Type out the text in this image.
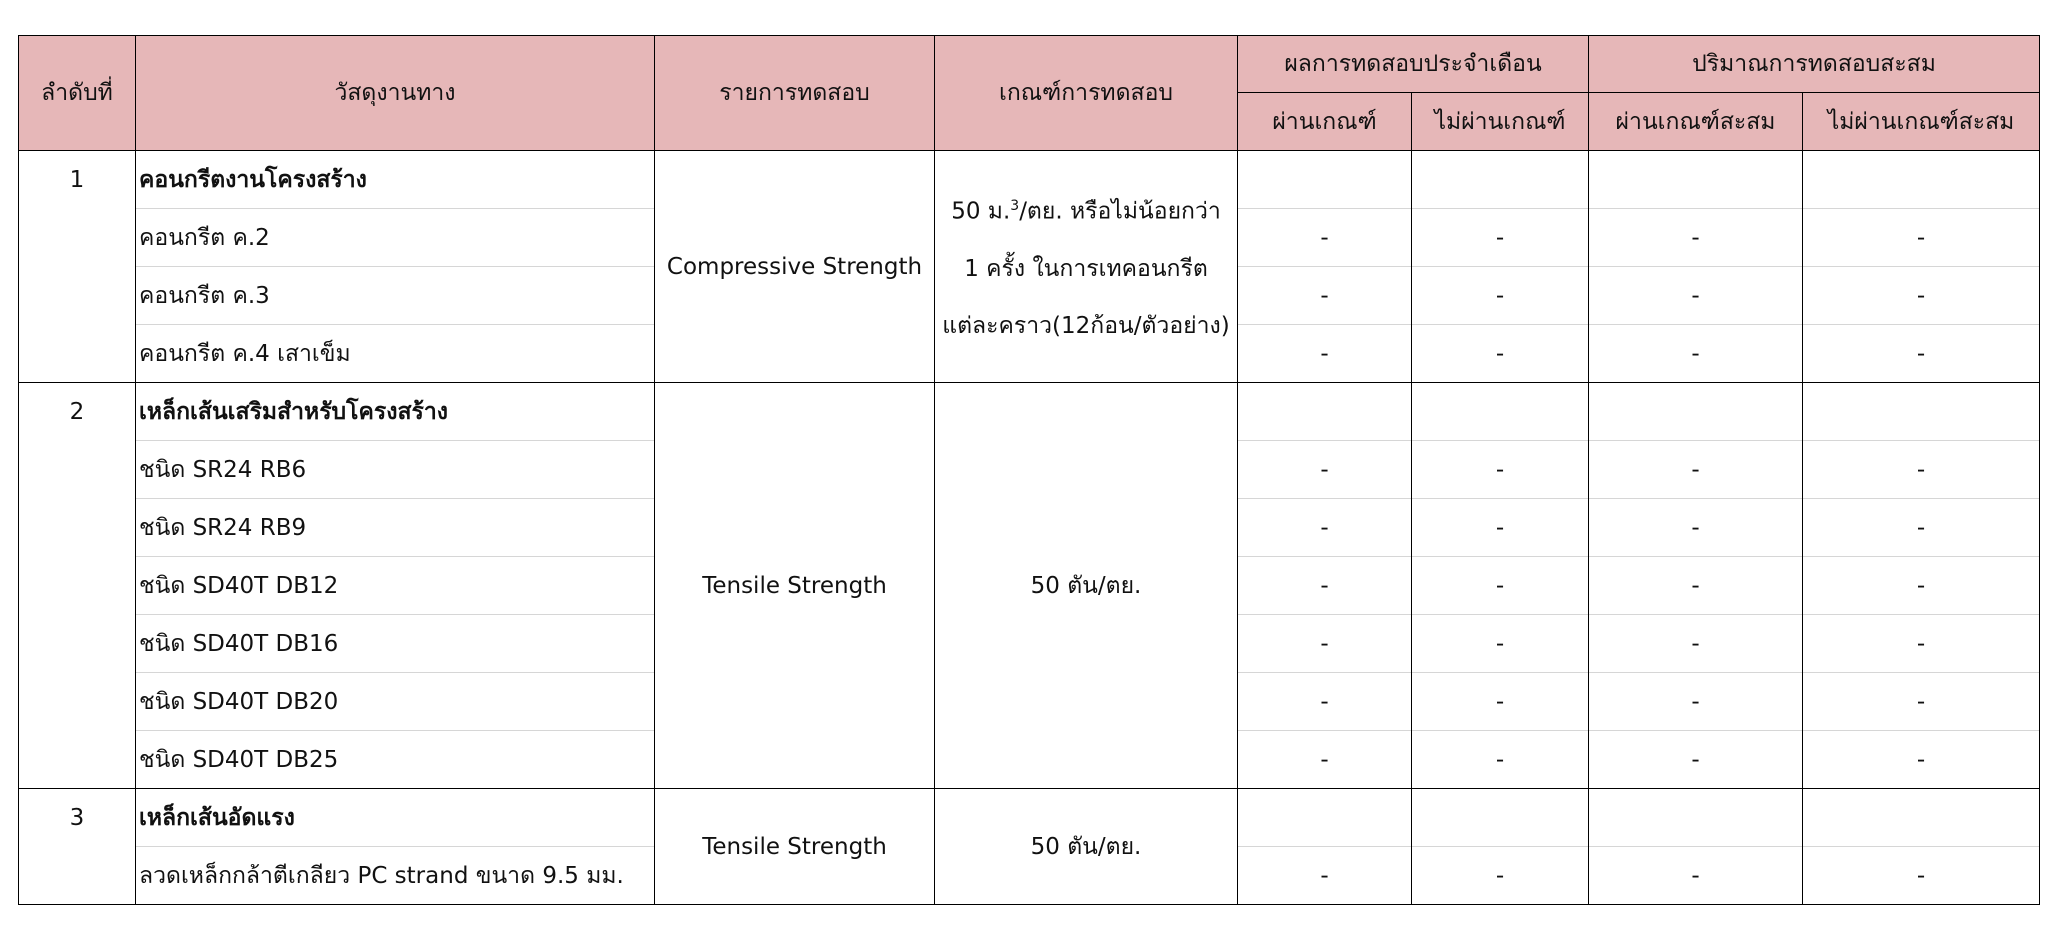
ลำดับที่	วัสดุงานทาง	รายการทดสอบ	เกณฑ์การทดสอบ	ผลการทดสอบประจำเดือน		ปริมาณการทดสอบสะสม	
				ผ่านเกณฑ์	ไม่ผ่านเกณฑ์	ผ่านเกณฑ์สะสม	ไม่ผ่านเกณฑ์สะสม
1	คอนกรีตงานโครงสร้าง	Compressive Strength	50 ม.$^3$/ตย. หรือไม่น้อยกว่า
1 ครั้ง ในการเทคอนกรีต
แต่ละคราว(12ก้อน/ตัวอย่าง)				

	คอนกรีต ค.2			-	-	-	-
	คอนกรีต ค.3			-	-	-	-
	คอนกรีต ค.4 เสาเข็ม			-	-	-	-
2	เหล็กเส้นเสริมสำหรับโครงสร้าง	Tensile Strength	50 ตัน/ตย.				
	ชนิด SR24 RB6			-	-	-	-
	ชนิด SR24 RB9			-	-	-	-
	ชนิด SD40T DB12			-	-	-	-
	ชนิด SD40T DB16			-	-	-	-
	ชนิด SD40T DB20			-	-	-	-
	ชนิด SD40T DB25			-	-	-	-
3	เหล็กเส้นอัดแรง	Tensile Strength	50 ตัน/ตย.				
	ลวดเหล็กกล้าตีเกลียว PC strand ขนาด 9.5 มม.			-	-	-	-
